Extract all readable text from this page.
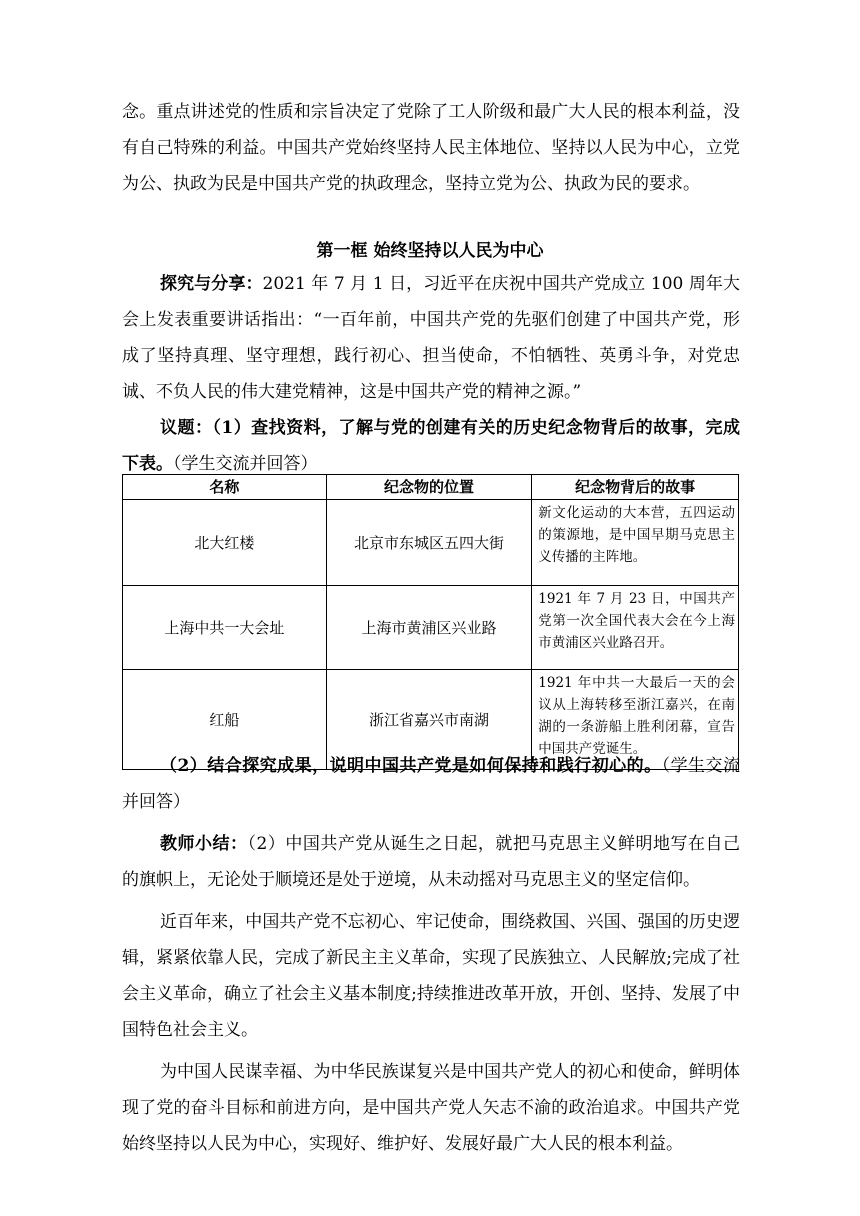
念。重点讲述党的性质和宗旨决定了党除了工人阶级和最广大人民的根本利益，没有自己特殊的利益。中国共产党始终坚持人民主体地位、坚持以人民为中心，立党为公、执政为民是中国共产党的执政理念，坚持立党为公、执政为民的要求。

第一框 始终坚持以人民为中心

探究与分享：2021 年 7 月 1 日，习近平在庆祝中国共产党成立 100 周年大会上发表重要讲话指出：“一百年前，中国共产党的先驱们创建了中国共产党，形成了坚持真理、坚守理想，践行初心、担当使命，不怕牺牲、英勇斗争，对党忠诚、不负人民的伟大建党精神，这是中国共产党的精神之源。”

议题：（1）查找资料，了解与党的创建有关的历史纪念物背后的故事，完成下表。（学生交流并回答）

名称	纪念物的位置	纪念物背后的故事
北大红楼	北京市东城区五四大街	新文化运动的大本营，五四运动的策源地，是中国早期马克思主义传播的主阵地。
上海中共一大会址	上海市黄浦区兴业路	1921 年 7 月 23 日，中国共产党第一次全国代表大会在今上海市黄浦区兴业路召开。
红船	浙江省嘉兴市南湖	1921 年中共一大最后一天的会议从上海转移至浙江嘉兴，在南湖的一条游船上胜利闭幕，宣告中国共产党诞生。

（2）结合探究成果，说明中国共产党是如何保持和践行初心的。（学生交流并回答）

教师小结：（2）中国共产党从诞生之日起，就把马克思主义鲜明地写在自己的旗帜上，无论处于顺境还是处于逆境，从未动摇对马克思主义的坚定信仰。

近百年来，中国共产党不忘初心、牢记使命，围绕救国、兴国、强国的历史逻辑，紧紧依靠人民，完成了新民主主义革命，实现了民族独立、人民解放;完成了社会主义革命，确立了社会主义基本制度;持续推进改革开放，开创、坚持、发展了中国特色社会主义。

为中国人民谋幸福、为中华民族谋复兴是中国共产党人的初心和使命，鲜明体现了党的奋斗目标和前进方向，是中国共产党人矢志不渝的政治追求。中国共产党始终坚持以人民为中心，实现好、维护好、发展好最广大人民的根本利益。
